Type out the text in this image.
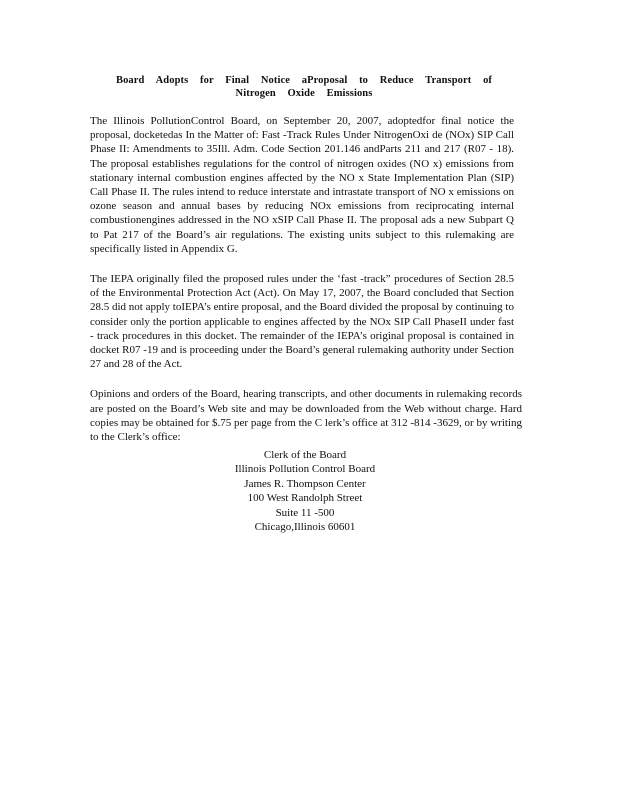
Board Adopts for Final Notice aProposal to Reduce Transport of Nitrogen Oxide Emissions

The Illinois PollutionControl Board, on September 20, 2007, adoptedfor final notice the proposal, docketedas In the Matter of: Fast -Track Rules Under NitrogenOxi de (NOx) SIP Call Phase II: Amendments to 35Ill. Adm. Code Section 201.146 andParts 211 and 217 (R07 - 18). The proposal establishes regulations for the control of nitrogen oxides (NO x) emissions from stationary internal combustion engines affected by the NO x State Implementation Plan (SIP) Call Phase II. The rules intend to reduce interstate and intrastate transport of NO x emissions on ozone season and annual bases by reducing NOx emissions from reciprocating internal combustionengines addressed in the NO xSIP Call Phase II. The proposal ads a new Subpart Q to Pat 217 of the Board’s air regulations. The existing units subject to this rulemaking are specifically listed in Appendix G.

The IEPA originally filed the proposed rules under the ‘fast -track” procedures of Section 28.5 of the Environmental Protection Act (Act). On May 17, 2007, the Board concluded that Section 28.5 did not apply toIEPA’s entire proposal, and the Board divided the proposal by continuing to consider only the portion applicable to engines affected by the NOx SIP Call PhaseII under fast - track procedures in this docket. The remainder of the IEPA’s original proposal is contained in docket R07 -19 and is proceeding under the Board’s general rulemaking authority under Section 27 and 28 of the Act.

Opinions and orders of the Board, hearing transcripts, and other documents in rulemaking records are posted on the Board’s Web site and may be downloaded from the Web without charge. Hard copies may be obtained for $.75 per page from the C lerk’s office at 312 -814 -3629, or by writing to the Clerk’s office:

Clerk of the Board
Illinois Pollution Control Board
James R. Thompson Center
100 West Randolph Street
Suite 11 -500
Chicago,Illinois 60601
